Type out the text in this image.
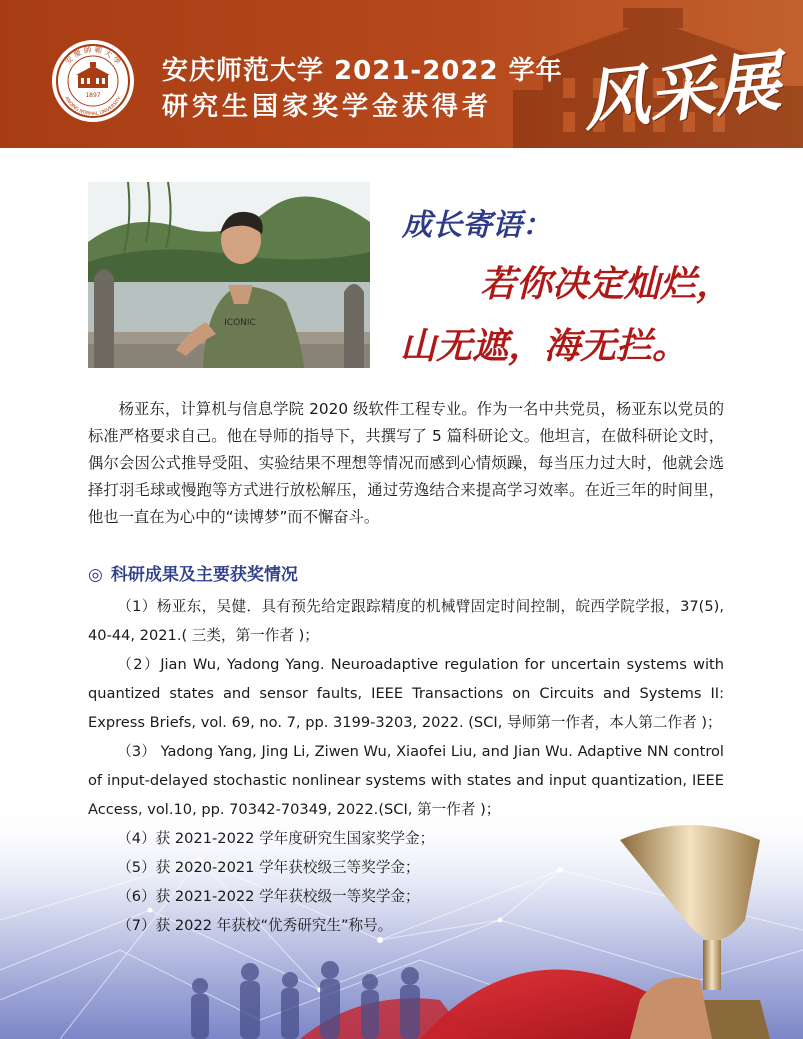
安 慶 師 範 大 學
ANQING NORMAL UNIVERSITY
1897
安庆师范大学 2021-2022 学年
研究生国家奖学金获得者 风采展
ICONIC
成长寄语：
若你决定灿烂，
山无遮，海无拦。

杨亚东，计算机与信息学院 2020 级软件工程专业。作为一名中共党员，杨亚东以党员的标准严格要求自己。他在导师的指导下，共撰写了 5 篇科研论文。他坦言，在做科研论文时，偶尔会因公式推导受阻、实验结果不理想等情况而感到心情烦躁，每当压力过大时，他就会选择打羽毛球或慢跑等方式进行放松解压，通过劳逸结合来提高学习效率。在近三年的时间里，他也一直在为心中的“读博梦”而不懈奋斗。

◎ 科研成果及主要获奖情况

（1）杨亚东，吴健．具有预先给定跟踪精度的机械臂固定时间控制，皖西学院学报，37(5), 40-44, 2021.( 三类，第一作者 )；

（2）Jian Wu, Yadong Yang. Neuroadaptive regulation for uncertain systems with quantized states and sensor faults, IEEE Transactions on Circuits and Systems II: Express Briefs, vol. 69, no. 7, pp. 3199-3203, 2022. (SCI, 导师第一作者，本人第二作者 )；

（3） Yadong Yang, Jing Li, Ziwen Wu, Xiaofei Liu, and Jian Wu. Adaptive NN control of input-delayed stochastic nonlinear systems with states and input quantization, IEEE Access, vol.10, pp. 70342-70349, 2022.(SCI, 第一作者 )；

（4）获 2021-2022 学年度研究生国家奖学金；

（5）获 2020-2021 学年获校级三等奖学金；

（6）获 2021-2022 学年获校级一等奖学金；

（7）获 2022 年获校“优秀研究生”称号。
